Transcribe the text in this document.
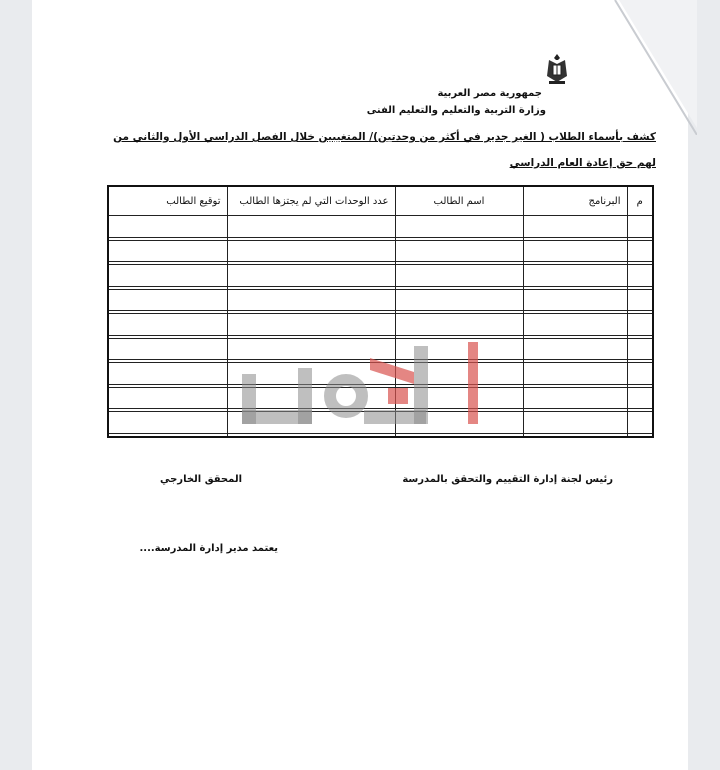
جمهورية مصر العربية
وزارة التربية والتعليم والتعليم الفنى
كشف بأسماء الطلاب ( الغير جدير في أكثر من وحدتين)/ المتغيبين خلال الفصل الدراسي الأول والثاني من لهم حق إعادة العام الدراسي
م	البرنامج	اسم الطالب	عدد الوحدات التي لم يجتزها الطالب	توقيع الطالب

رئيس لجنة إدارة التقييم والتحقق بالمدرسة
المحقق الخارجي
يعتمد مدير إدارة المدرسة....
